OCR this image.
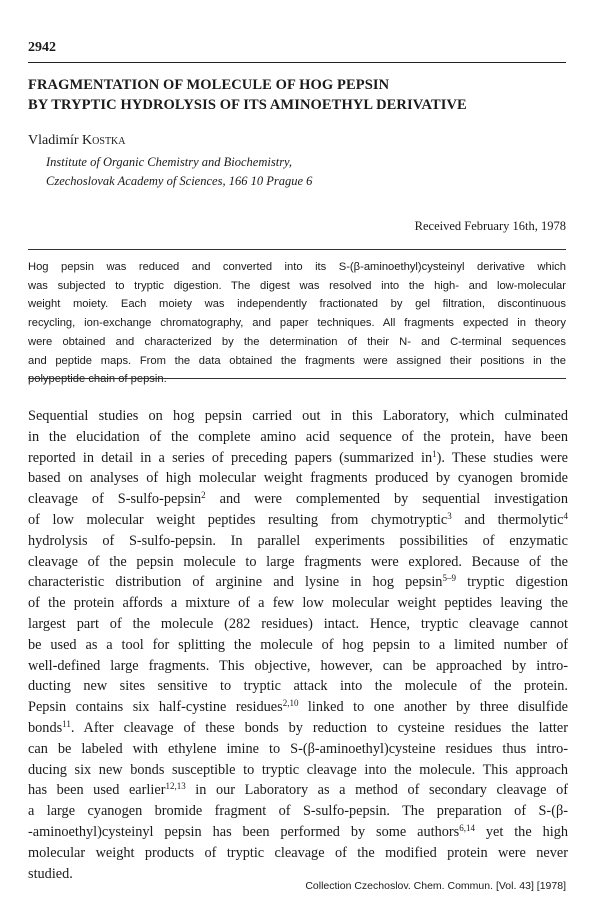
2942
FRAGMENTATION OF MOLECULE OF HOG PEPSIN
BY TRYPTIC HYDROLYSIS OF ITS AMINOETHYL DERIVATIVE
Vladimír Kostka
Institute of Organic Chemistry and Biochemistry,
Czechoslovak Academy of Sciences, 166 10 Prague 6
Received February 16th, 1978
Hog pepsin was reduced and converted into its S-(β-aminoethyl)cysteinyl derivative which
was subjected to tryptic digestion. The digest was resolved into the high- and low-molecular
weight moiety. Each moiety was independently fractionated by gel filtration, discontinuous
recycling, ion-exchange chromatography, and paper techniques. All fragments expected in theory
were obtained and characterized by the determination of their N- and C-terminal sequences
and peptide maps. From the data obtained the fragments were assigned their positions in the
polypeptide chain of pepsin.
Sequential studies on hog pepsin carried out in this Laboratory, which culminated
in the elucidation of the complete amino acid sequence of the protein, have been
reported in detail in a series of preceding papers (summarized $in^1$). These studies were
based on analyses of high molecular weight fragments produced by cyanogen bromide
cleavage of S-sulfo-pepsin$^2$ and were complemented by sequential investigation
of low molecular weight peptides resulting from chymotryptic$^3$ and thermolytic$^4$
hydrolysis of S-sulfo-pepsin. In parallel experiments possibilities of enzymatic
cleavage of the pepsin molecule to large fragments were explored. Because of the
characteristic distribution of arginine and lysine in hog pepsin$^{5-9}$ tryptic digestion
of the protein affords a mixture of a few low molecular weight peptides leaving the
largest part of the molecule (282 residues) intact. Hence, tryptic cleavage cannot
be used as a tool for splitting the molecule of hog pepsin to a limited number of
well-defined large fragments. This objective, however, can be approached by intro-
ducting new sites sensitive to tryptic attack into the molecule of the protein.
Pepsin contains six half-cystine residues$^{2,10}$ linked to one another by three disulfide
bonds$^{11}$. After cleavage of these bonds by reduction to cysteine residues the latter
can be labeled with ethylene imine to S-(β-aminoethyl)cysteine residues thus intro-
ducing six new bonds susceptible to tryptic cleavage into the molecule. This approach
has been used earlier$^{12,13}$ in our Laboratory as a method of secondary cleavage of
a large cyanogen bromide fragment of S-sulfo-pepsin. The preparation of S-(β-
-aminoethyl)cysteinyl pepsin has been performed by some authors$^{6,14}$ yet the high
molecular weight products of tryptic cleavage of the modified protein were never
studied.
Collection Czechoslov. Chem. Commun. [Vol. 43] [1978]
